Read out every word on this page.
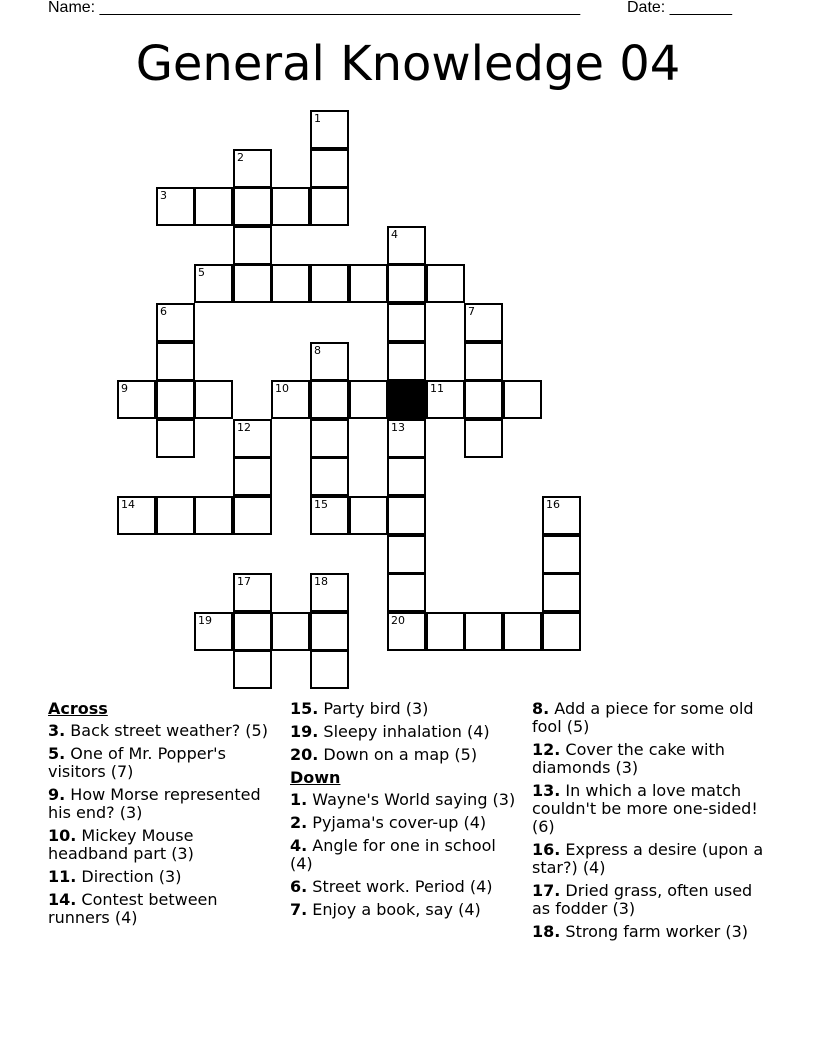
Name: ______________________________________________________	Date: _______
General Knowledge 04
1
2
3
4
5
6	7
8
9	10	11
12	13
14	15	16
17	18
19	20
Across
3. Back street weather? (5)
5. One of Mr. Popper's visitors (7)
9. How Morse represented his end? (3)
10. Mickey Mouse headband part (3)
11. Direction (3)
14. Contest between runners (4)
15. Party bird (3)
19. Sleepy inhalation (4)
20. Down on a map (5)
Down
1. Wayne's World saying (3)
2. Pyjama's cover-up (4)
4. Angle for one in school (4)
6. Street work. Period (4)
7. Enjoy a book, say (4)
8. Add a piece for some old fool (5)
12. Cover the cake with diamonds (3)
13. In which a love match couldn't be more one-sided! (6)
16. Express a desire (upon a star?) (4)
17. Dried grass, often used as fodder (3)
18. Strong farm worker (3)
